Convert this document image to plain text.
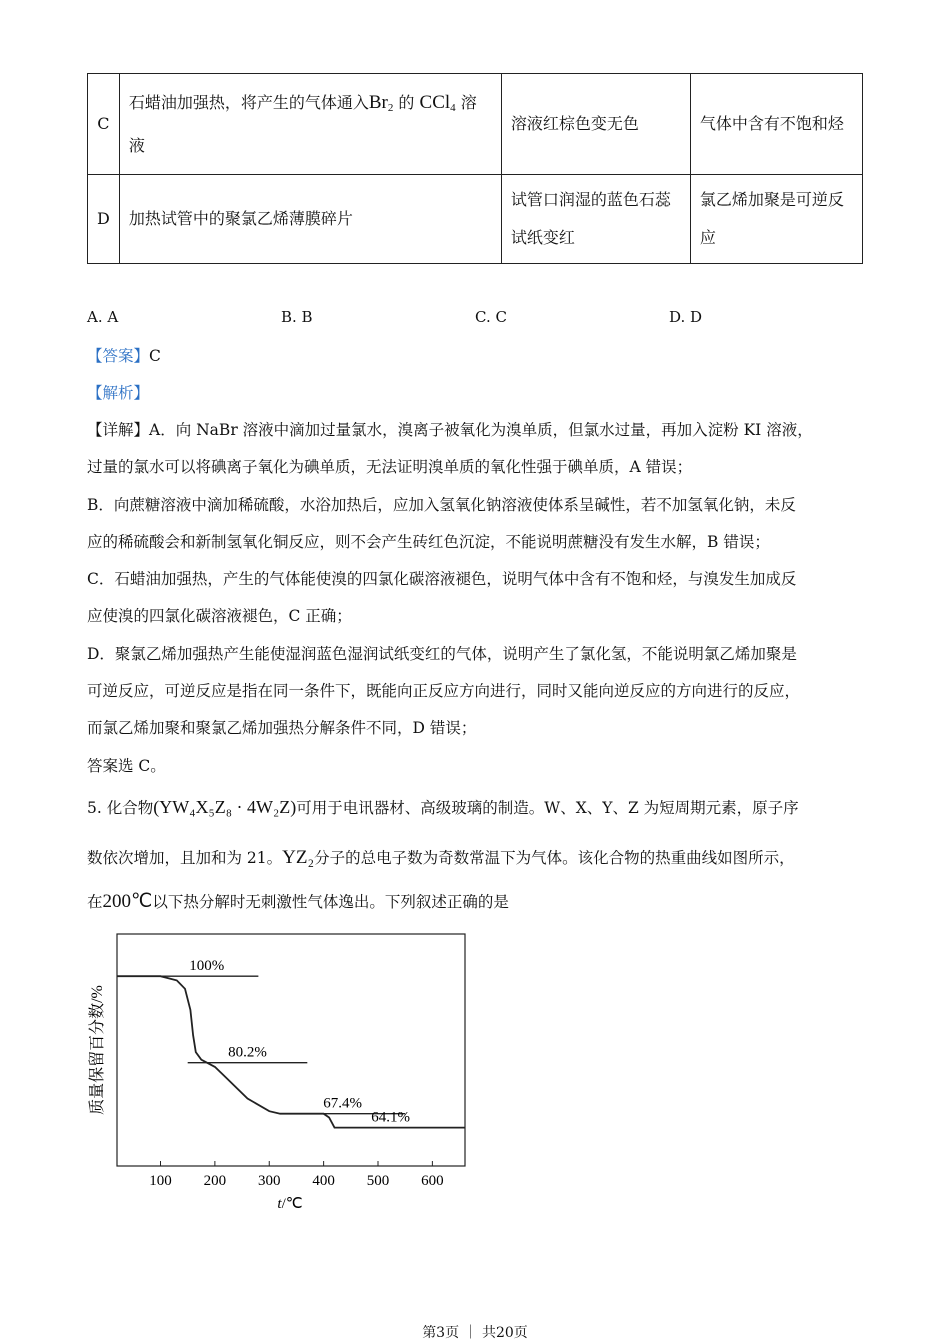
C	石蜡油加强热，将产生的气体通入$Br_2$ 的 CCl$_4$ 溶液	溶液红棕色变无色	气体中含有不饱和烃
D	加热试管中的聚氯乙烯薄膜碎片	试管口润湿的蓝色石蕊试纸变红	氯乙烯加聚是可逆反应
A. A	B. B	C. C	D. D
【答案】C
【解析】
【详解】A．向 NaBr 溶液中滴加过量氯水，溴离子被氧化为溴单质，但氯水过量，再加入淀粉 KI 溶液，
过量的氯水可以将碘离子氧化为碘单质，无法证明溴单质的氧化性强于碘单质，A 错误；
B．向蔗糖溶液中滴加稀硫酸，水浴加热后，应加入氢氧化钠溶液使体系呈碱性，若不加氢氧化钠，未反
应的稀硫酸会和新制氢氧化铜反应，则不会产生砖红色沉淀，不能说明蔗糖没有发生水解，B 错误；
C．石蜡油加强热，产生的气体能使溴的四氯化碳溶液褪色，说明气体中含有不饱和烃，与溴发生加成反
应使溴的四氯化碳溶液褪色，C 正确；
D．聚氯乙烯加强热产生能使湿润蓝色湿润试纸变红的气体，说明产生了氯化氢，不能说明氯乙烯加聚是
可逆反应，可逆反应是指在同一条件下，既能向正反应方向进行，同时又能向逆反应的方向进行的反应，
而氯乙烯加聚和聚氯乙烯加强热分解条件不同，D 错误；
答案选 C。
5. 化合物(YW₄X₅Z₈ · 4W₂Z)可用于电讯器材、高级玻璃的制造。W、X、Y、Z 为短周期元素，原子序
数依次增加，且加和为 21。YZ₂分子的总电子数为奇数常温下为气体。该化合物的热重曲线如图所示，
在200℃以下热分解时无刺激性气体逸出。下列叙述正确的是
100 200 300 400 500 600
100%
80.2%
67.4%
64.1%
质量保留百分数/%
t/℃
第3页 ｜ 共20页
